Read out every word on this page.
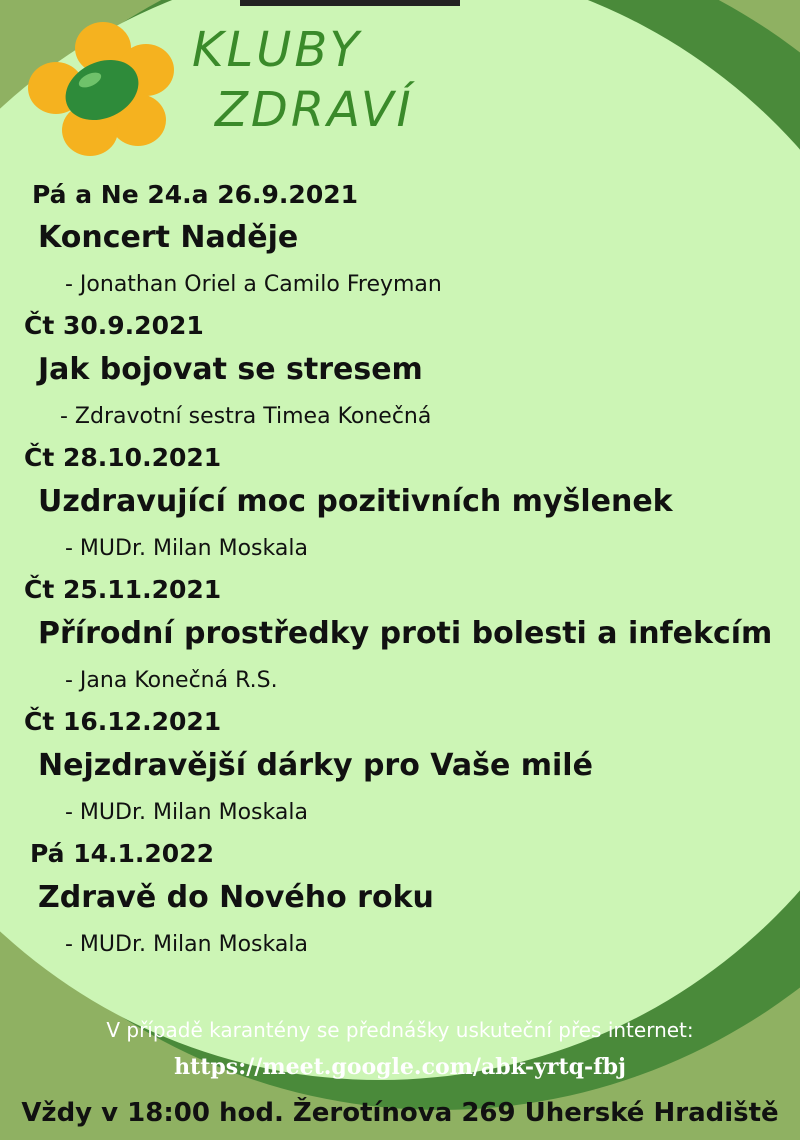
KLUBY
ZDRAVÍ
Pá a Ne 24.a 26.9.2021
Koncert Naděje
- Jonathan Oriel a Camilo Freyman
Čt 30.9.2021
Jak bojovat se stresem
- Zdravotní sestra Timea Konečná
Čt 28.10.2021
Uzdravující moc pozitivních myšlenek
- MUDr. Milan Moskala
Čt 25.11.2021
Přírodní prostředky proti bolesti a infekcím
- Jana Konečná R.S.
Čt 16.12.2021
Nejzdravější dárky pro Vaše milé
- MUDr. Milan Moskala
Pá 14.1.2022
Zdravě do Nového roku
- MUDr. Milan Moskala
V případě karantény se přednášky uskuteční přes internet:
https://meet.google.com/abk-yrtq-fbj
Vždy v 18:00 hod. Žerotínova 269 Uherské Hradiště
